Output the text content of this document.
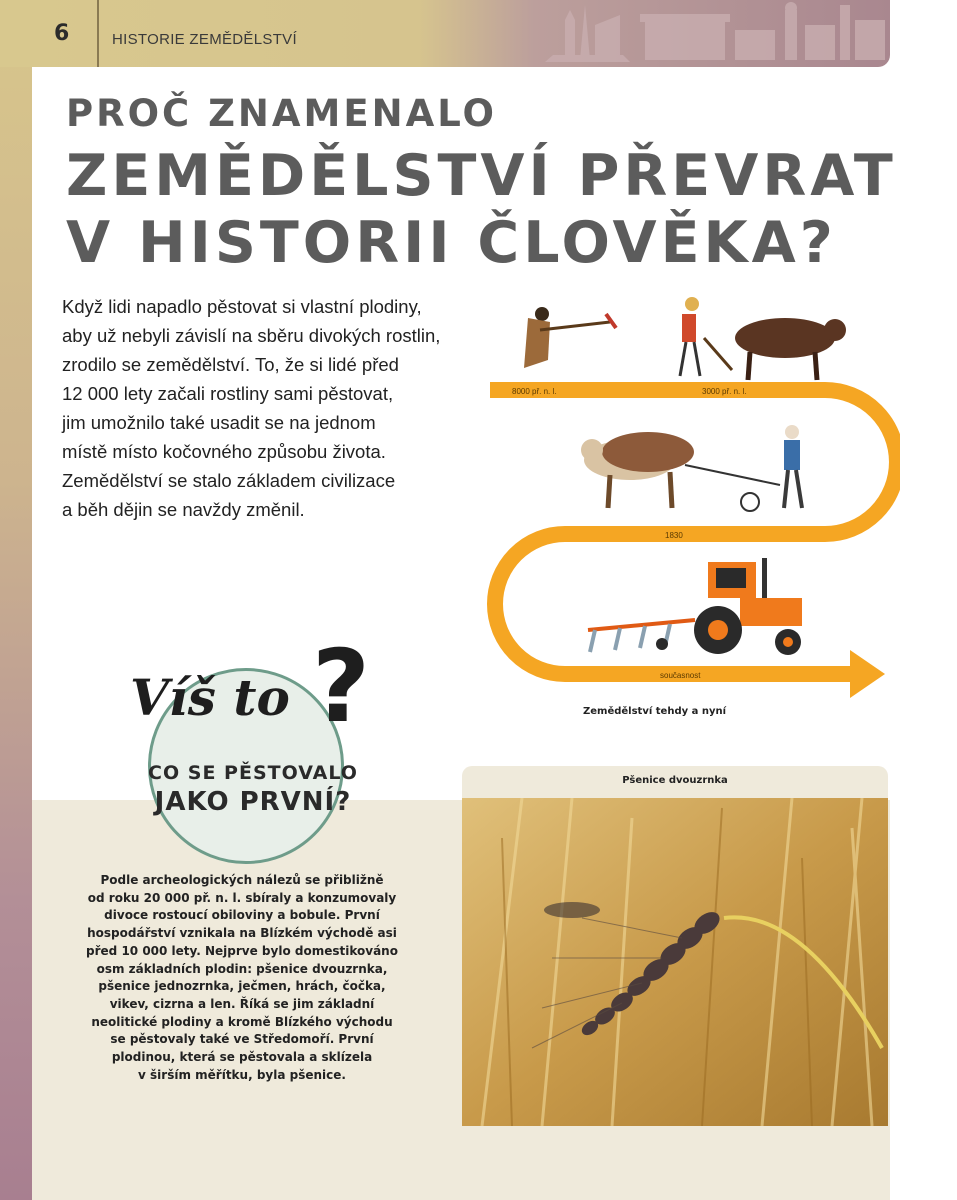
6	HISTORIE ZEMĚDĚLSTVÍ
PROČ ZNAMENALO
ZEMĚDĚLSTVÍ PŘEVRAT
V HISTORII ČLOVĚKA?
Když lidi napadlo pěstovat si vlastní plodiny,
aby už nebyli závislí na sběru divokých rostlin,
zrodilo se zemědělství. To, že si lidé před
12 000 lety začali rostliny sami pěstovat,
jim umožnilo také usadit se na jednom
místě místo kočovného způsobu života.
Zemědělství se stalo základem civilizace
a běh dějin se navždy změnil.
8000 př. n. l.	3000 př. n. l.
1830
současnost
Zemědělství tehdy a nyní
Víš to ?
CO SE PĚSTOVALO
JAKO PRVNÍ?
Podle archeologických nálezů se přibližně
od roku 20 000 př. n. l. sbíraly a konzumovaly
divoce rostoucí obiloviny a bobule. První
hospodářství vznikala na Blízkém východě asi
před 10 000 lety. Nejprve bylo domestikováno
osm základních plodin: pšenice dvouzrnka,
pšenice jednozrnka, ječmen, hrách, čočka,
vikev, cizrna a len. Říká se jim základní
neolitické plodiny a kromě Blízkého východu
se pěstovaly také ve Středomoří. První
plodinou, která se pěstovala a sklízela
v širším měřítku, byla pšenice.
Pšenice dvouzrnka
